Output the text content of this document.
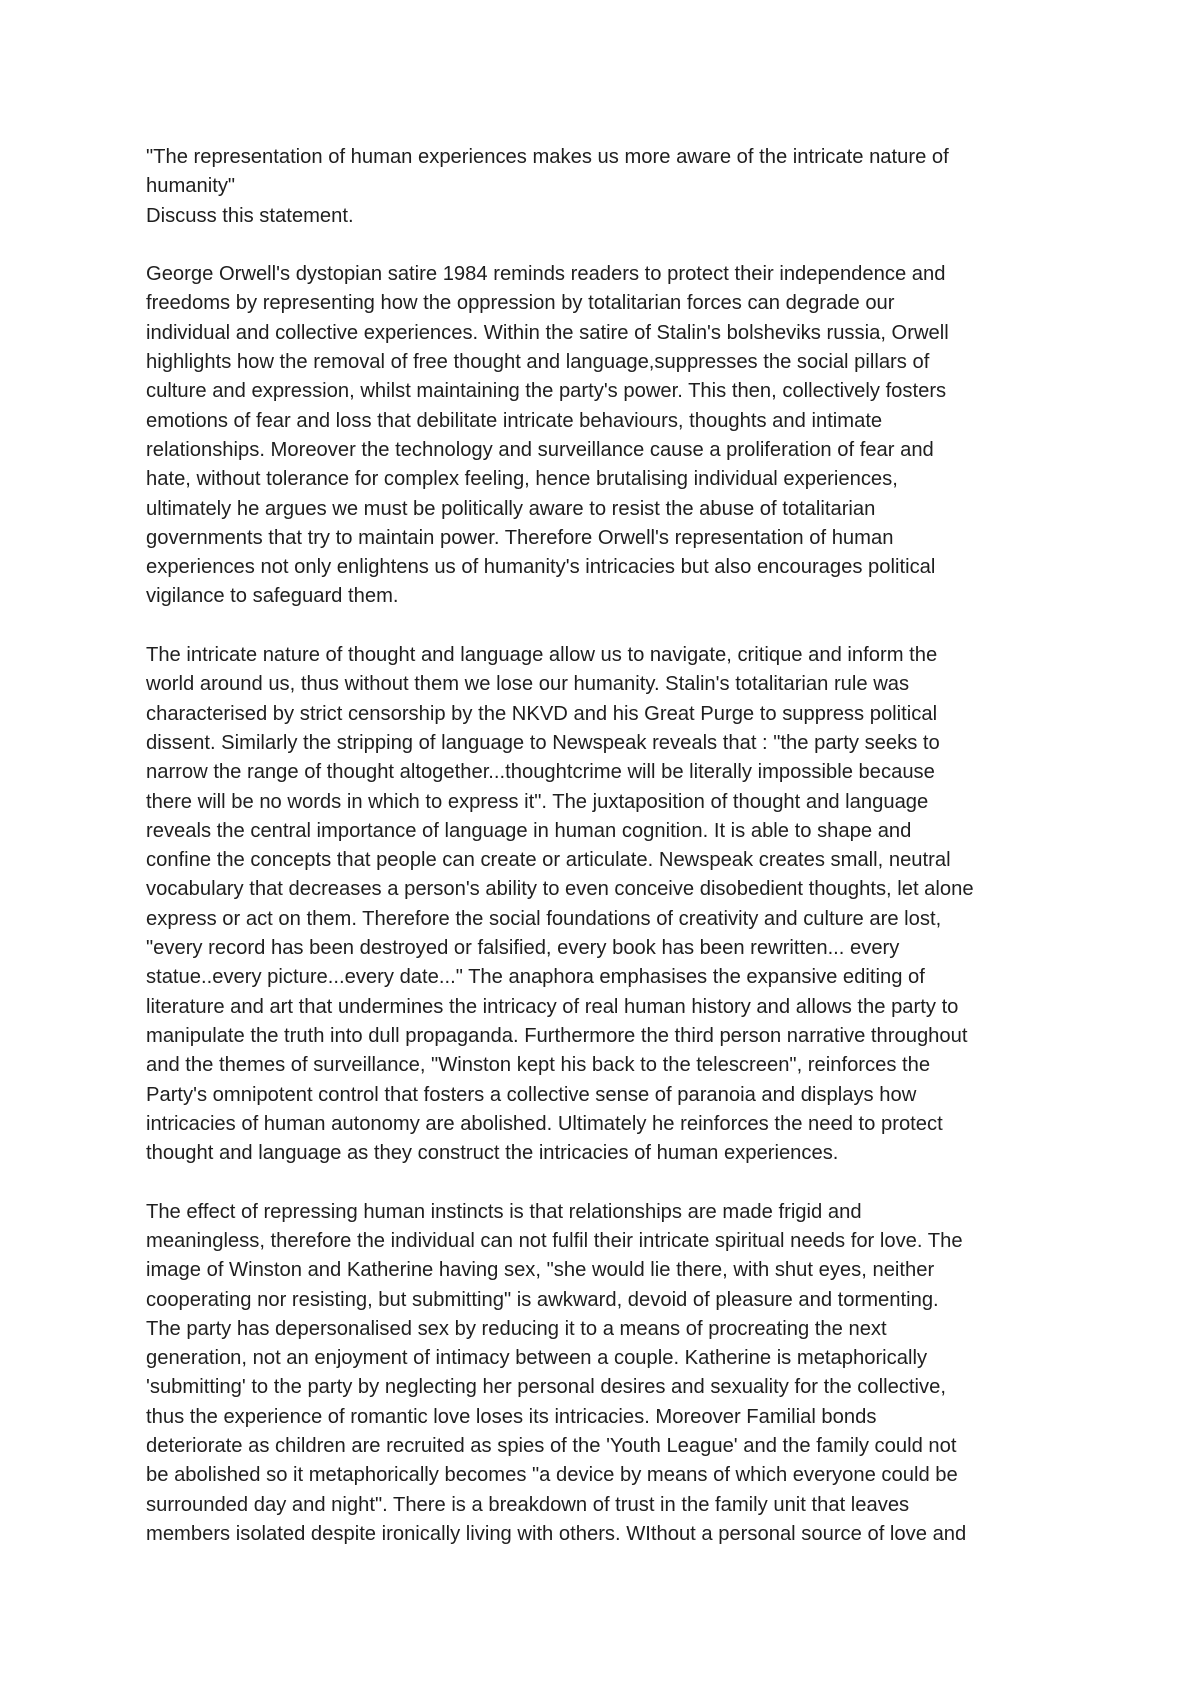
"The representation of human experiences makes us more aware of the intricate nature of
humanity"
Discuss this statement.
George Orwell's dystopian satire 1984 reminds readers to protect their independence and
freedoms by representing how the oppression by totalitarian forces can degrade our
individual and collective experiences. Within the satire of Stalin's bolsheviks russia, Orwell
highlights how the removal of free thought and language,suppresses the social pillars of
culture and expression, whilst maintaining the party's power. This then, collectively fosters
emotions of fear and loss that debilitate intricate behaviours, thoughts and intimate
relationships. Moreover the technology and surveillance cause a proliferation of fear and
hate, without tolerance for complex feeling, hence brutalising individual experiences,
ultimately he argues we must be politically aware to resist the abuse of totalitarian
governments that try to maintain power. Therefore Orwell's representation of human
experiences not only enlightens us of humanity's intricacies but also encourages political
vigilance to safeguard them.
The intricate nature of thought and language allow us to navigate, critique and inform the
world around us, thus without them we lose our humanity. Stalin's totalitarian rule was
characterised by strict censorship by the NKVD and his Great Purge to suppress political
dissent. Similarly the stripping of language to Newspeak reveals that : "the party seeks to
narrow the range of thought altogether...thoughtcrime will be literally impossible because
there will be no words in which to express it". The juxtaposition of thought and language
reveals the central importance of language in human cognition. It is able to shape and
confine the concepts that people can create or articulate. Newspeak creates small, neutral
vocabulary that decreases a person's ability to even conceive disobedient thoughts, let alone
express or act on them. Therefore the social foundations of creativity and culture are lost,
"every record has been destroyed or falsified, every book has been rewritten... every
statue..every picture...every date..." The anaphora emphasises the expansive editing of
literature and art that undermines the intricacy of real human history and allows the party to
manipulate the truth into dull propaganda. Furthermore the third person narrative throughout
and the themes of surveillance, "Winston kept his back to the telescreen", reinforces the
Party's omnipotent control that fosters a collective sense of paranoia and displays how
intricacies of human autonomy are abolished. Ultimately he reinforces the need to protect
thought and language as they construct the intricacies of human experiences.
The effect of repressing human instincts is that relationships are made frigid and
meaningless, therefore the individual can not fulfil their intricate spiritual needs for love. The
image of Winston and Katherine having sex, "she would lie there, with shut eyes, neither
cooperating nor resisting, but submitting" is awkward, devoid of pleasure and tormenting.
The party has depersonalised sex by reducing it to a means of procreating the next
generation, not an enjoyment of intimacy between a couple. Katherine is metaphorically
'submitting' to the party by neglecting her personal desires and sexuality for the collective,
thus the experience of romantic love loses its intricacies. Moreover Familial bonds
deteriorate as children are recruited as spies of the 'Youth League' and the family could not
be abolished so it metaphorically becomes "a device by means of which everyone could be
surrounded day and night". There is a breakdown of trust in the family unit that leaves
members isolated despite ironically living with others. WIthout a personal source of love and
